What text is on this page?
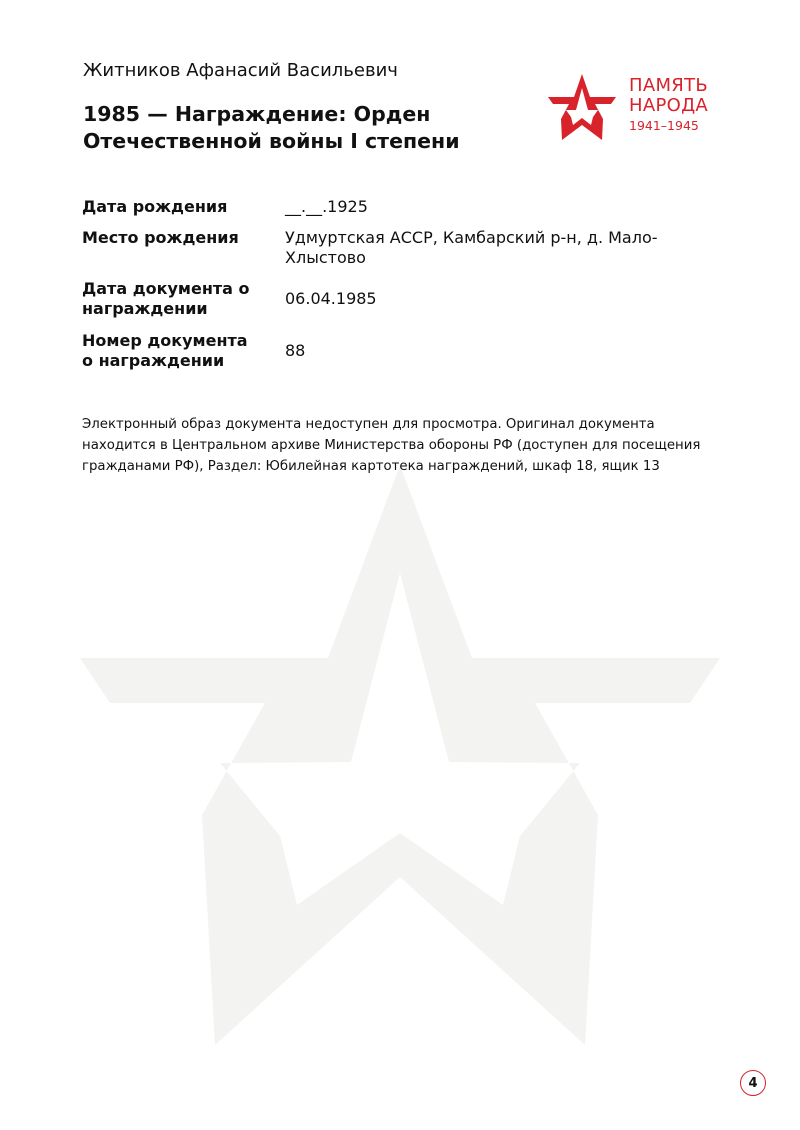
Житников Афанасий Васильевич
1985 — Награждение: Орден Отечественной войны I степени
ПАМЯТЬ
НАРОДА
1941–1945
Дата рождения	__.__.1925
Место рождения	Удмуртская АССР, Камбарский р-н, д. Мало-Хлыстово
Дата документа о награждении
06.04.1985
Номер документа о награждении
88

Электронный образ документа недоступен для просмотра. Оригинал документа находится в Центральном архиве Министерства обороны РФ (доступен для посещения гражданами РФ), Раздел: Юбилейная картотека награждений, шкаф 18, ящик 13

4
